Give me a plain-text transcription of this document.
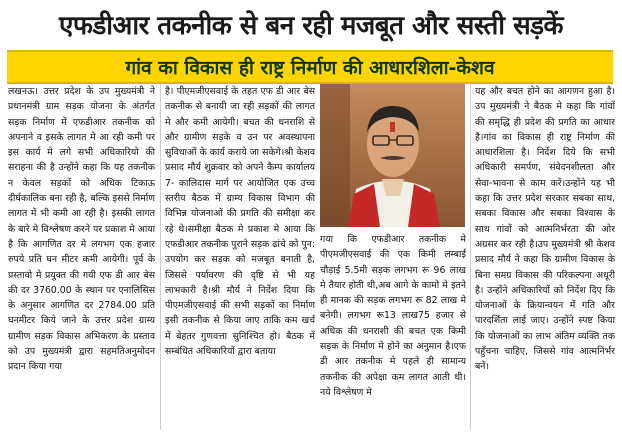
एफडीआर तकनीक से बन रही मजबूत और सस्ती सड़कें
गांव का विकास ही राष्ट्र निर्माण की आधारशिला-केशव

लखनऊ। उत्तर प्रदेश के उप मुख्यमंत्री ने प्रधानमंत्री ग्राम सड़क योजना के अंतर्गत सड़क निर्माण में एफडीआर तकनीक को अपनाने व इसके लागत मे आ रही कमी पर इस कार्य मे लगे सभी अधिकारियो की सराहना की है उन्होंने कहा कि यह तकनीक न केवल सड़कों को अधिक टिकाऊ दीर्घकालिक बना रही है, बल्कि इससे निर्माण लागत में भी कमी आ रही है। इसकी लागत के बारे मे विश्लेषण करने पर प्रकाश मे आया है कि आगणित दर मे लगभग एक हजार रुपये प्रति घन मीटर कमी आयेगी। पूर्व के प्रस्तावो मे प्रयुक्त की गयी एफ डी आर बेस की दर 3760.00 के स्थान पर एनालिसिस के अनुसार आगणित दर 2784.00 प्रति घनमीटर किये जाने के उत्तर प्रदेश ग्राम्य ग्रामीण सड़क विकास अभिकरण के प्रस्ताव को उप मुख्यमंत्री द्वारा सहमतिअनुमोदन प्रदान किया गया

है। पीएमजीएसवाई के तहत एफ डी आर बेस तकनीक से बनायी जा रही सड़कों की लागत मे और कमी आयेगी। बचत की धनराशि से और ग्रामीण सड़के व उन पर अवस्थापना सुविधाओं के कार्य कराये जा सकेगे।श्री केशव प्रसाद मौर्य शुक्रवार को अपने कैम्प कार्यालय 7- कालिदास मार्ग पर आयोजित एक उच्च स्तरीय बैठक में ग्राम्य विकास विभाग की विभिन्न योजनाओं की प्रगति की समीक्षा कर रहे थे।समीक्षा बैठक मे प्रकाश मे आया कि एफडीआर तकनीक पुराने सड़क ढांचे को पुन: उपयोग कर सड़क को मजबूत बनाती है, जिससे पर्यावरण की दृष्टि से भी यह लाभकारी है।श्री मौर्य ने निर्देश दिया कि पीएमजीएसवाई की सभी सड़कों का निर्माण इसी तकनीक से किया जाए ताकि कम खर्च में बेहतर गुणवत्ता सुनिश्चित हो। बैठक में सम्बंधित अधिकारियों द्वारा बताया

गया कि एफडीआर तकनीक मे पीएमजीएसवाई की एक किमी लम्बाई चौड़ाई 5.5मी सड़क लगभग रू 96 लाख मे तैयार होती थी,अब आगे के कामो मे इतने ही मानक की सड़क लगभग रू 82 लाख मे बनेगी। लगभग रू13 लाख75 हजार से अधिक की धनराशी की बचत एक किमी सड़क के निर्माण मे होने का अनुमान है।एफ डी आर तकनीक मे पहले ही सामान्य तकनीक की अपेक्षा कम लागत आती थी। नये विश्लेषण मे

यह और बचत होने का आगणन हुआ है।उप मुख्यमंत्री ने बैठक मे कहा कि गांवों की समृद्धि ही प्रदेश की प्रगति का आधार है।गांव का विकास ही राष्ट्र निर्माण की आधारशिला है। निर्देश दिये कि सभी अधिकारी समर्पण, संवेदनशीलता और सेवा-भावना से काम करें।उन्होंने यह भी कहा कि उत्तर प्रदेश सरकार सबका साथ, सबका विकास और सबका विश्वास के साथ गांवों को आत्मनिर्भरता की ओर अग्रसर कर रही है।उप मुख्यमंत्री श्री केशव प्रसाद मौर्य ने कहा कि ग्रामीण विकास के बिना समग्र विकास की परिकल्पना अधूरी है। उन्होंने अधिकारियों को निर्देश दिए कि योजनाओं के क्रियान्वयन में गति और पारदर्शिता लाई जाए। उन्होंने स्पष्ट किया कि योजनाओं का लाभ अंतिम व्यक्ति तक पहुँचना चाहिए, जिससे गांव आत्मनिर्भर बनें।
